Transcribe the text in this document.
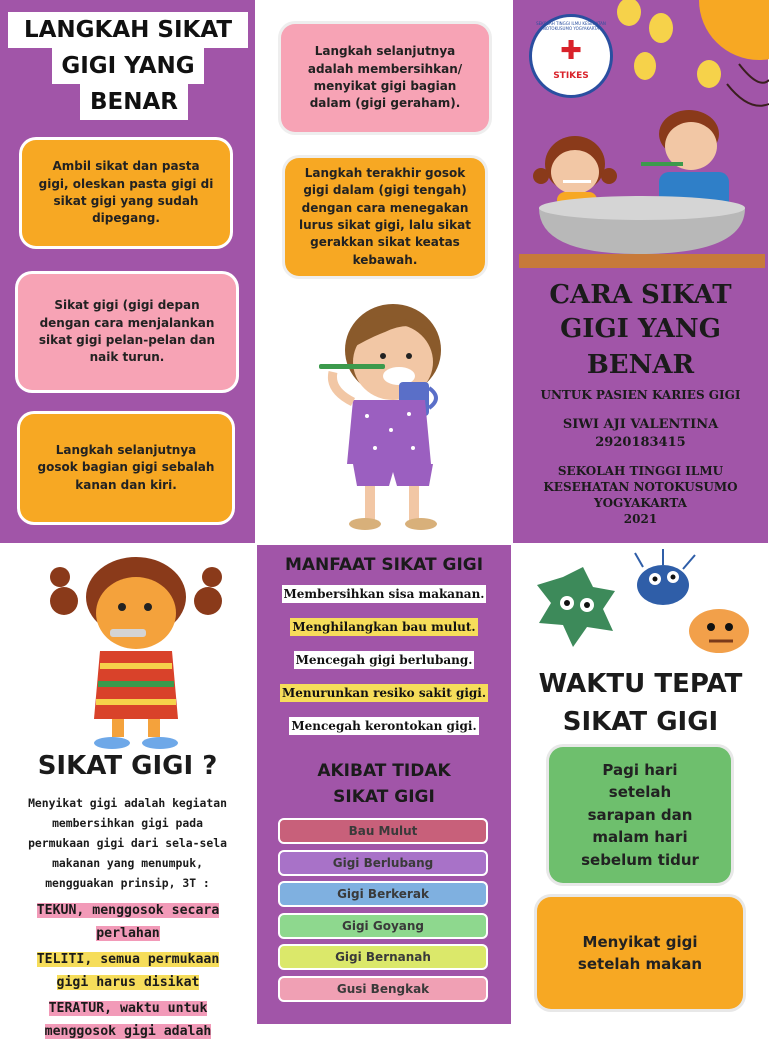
LANGKAH SIKAT
GIGI YANG
BENAR
Ambil sikat dan pasta gigi, oleskan pasta gigi di sikat gigi yang sudah dipegang.
Sikat gigi (gigi depan dengan cara menjalankan sikat gigi pelan-pelan dan naik turun.
Langkah selanjutnya gosok bagian gigi sebalah kanan dan kiri.
Langkah selanjutnya adalah membersihkan/ menyikat gigi bagian dalam (gigi geraham).
Langkah terakhir gosok gigi dalam (gigi tengah) dengan cara menegakan lurus sikat gigi, lalu sikat gerakkan sikat keatas kebawah.
SEKOLAH TINGGI ILMU KESEHATAN NOTOKUSUMO YOGYAKARTA
✚
STIKES
CARA SIKAT
GIGI YANG
BENAR
UNTUK PASIEN KARIES GIGI
SIWI AJI VALENTINA
2920183415
SEKOLAH TINGGI ILMU
KESEHATAN NOTOKUSUMO
YOGYAKARTA
2021
SIKAT GIGI ?
Menyikat gigi adalah kegiatan
membersihkan gigi pada
permukaan gigi dari sela-sela
makanan yang menumpuk,
mengguakan prinsip, 3T :
TEKUN, menggosok secara
perlahan
TELITI, semua permukaan
gigi harus disikat
TERATUR, waktu untuk
menggosok gigi adalah
MANFAAT SIKAT GIGI
Membersihkan sisa makanan.
Menghilangkan bau mulut.
Mencegah gigi berlubang.
Menurunkan resiko sakit gigi.
Mencegah kerontokan gigi.
AKIBAT TIDAK
SIKAT GIGI
Bau Mulut
Gigi Berlubang
Gigi Berkerak
Gigi Goyang
Gigi Bernanah
Gusi Bengkak
WAKTU TEPAT
SIKAT GIGI
Pagi hari setelah sarapan dan malam hari sebelum tidur
Menyikat gigi setelah makan
